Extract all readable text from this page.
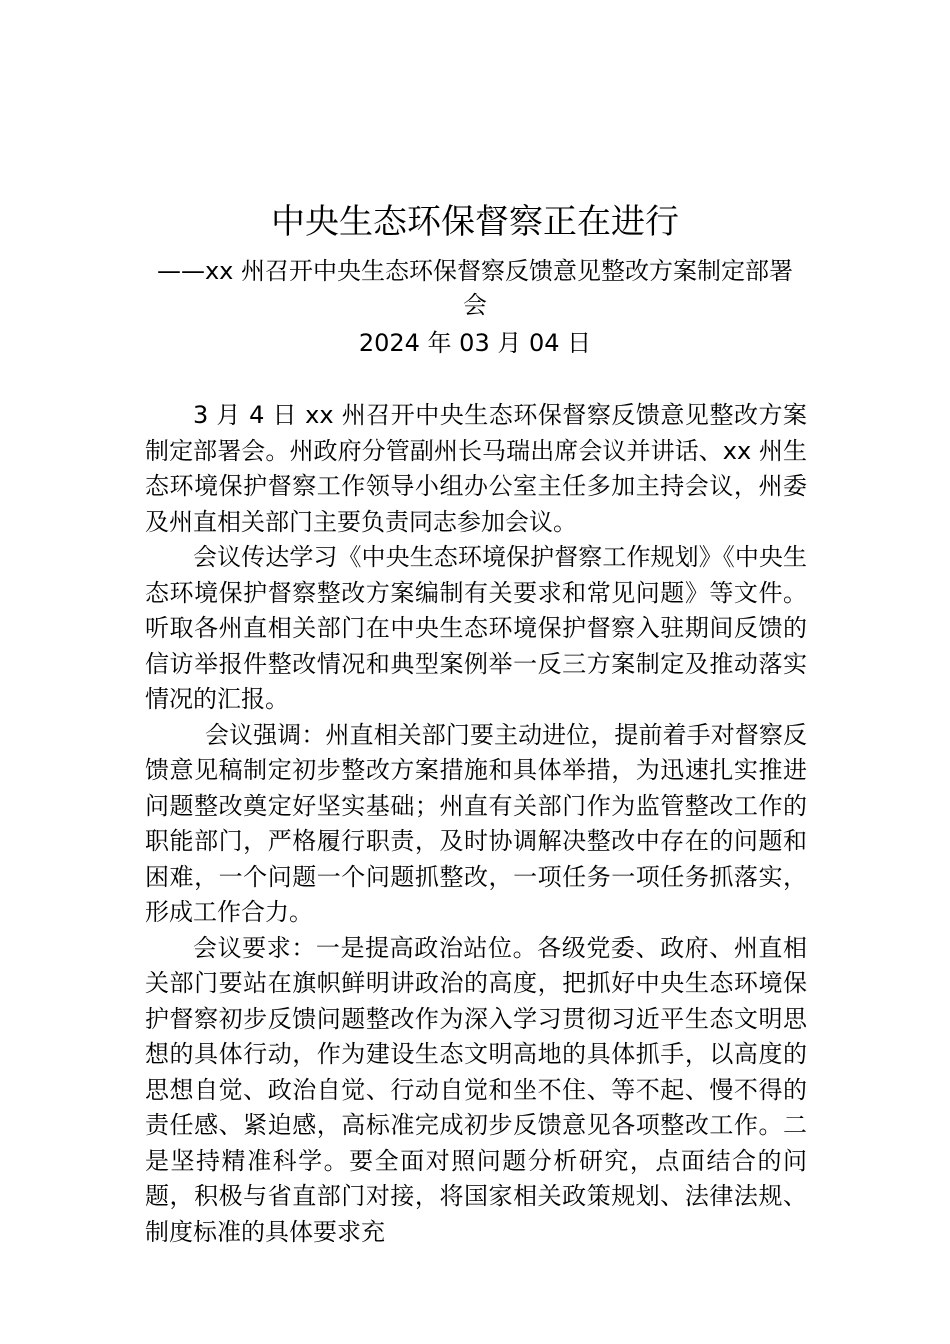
中央生态环保督察正在进行
——xx 州召开中央生态环保督察反馈意见整改方案制定部署会
2024 年 03 月 04 日

3 月 4 日 xx 州召开中央生态环保督察反馈意见整改方案制定部署会。州政府分管副州长马瑞出席会议并讲话、xx 州生态环境保护督察工作领导小组办公室主任多加主持会议，州委及州直相关部门主要负责同志参加会议。

会议传达学习《中央生态环境保护督察工作规划》《中央生态环境保护督察整改方案编制有关要求和常见问题》等文件。听取各州直相关部门在中央生态环境保护督察入驻期间反馈的信访举报件整改情况和典型案例举一反三方案制定及推动落实情况的汇报。

会议强调：州直相关部门要主动进位，提前着手对督察反馈意见稿制定初步整改方案措施和具体举措，为迅速扎实推进问题整改奠定好坚实基础；州直有关部门作为监管整改工作的职能部门，严格履行职责，及时协调解决整改中存在的问题和困难，一个问题一个问题抓整改，一项任务一项任务抓落实，形成工作合力。

会议要求：一是提高政治站位。各级党委、政府、州直相关部门要站在旗帜鲜明讲政治的高度，把抓好中央生态环境保护督察初步反馈问题整改作为深入学习贯彻习近平生态文明思想的具体行动，作为建设生态文明高地的具体抓手，以高度的思想自觉、政治自觉、行动自觉和坐不住、等不起、慢不得的责任感、紧迫感，高标准完成初步反馈意见各项整改工作。二是坚持精准科学。要全面对照问题分析研究，点面结合的问题，积极与省直部门对接，将国家相关政策规划、法律法规、制度标准的具体要求充
